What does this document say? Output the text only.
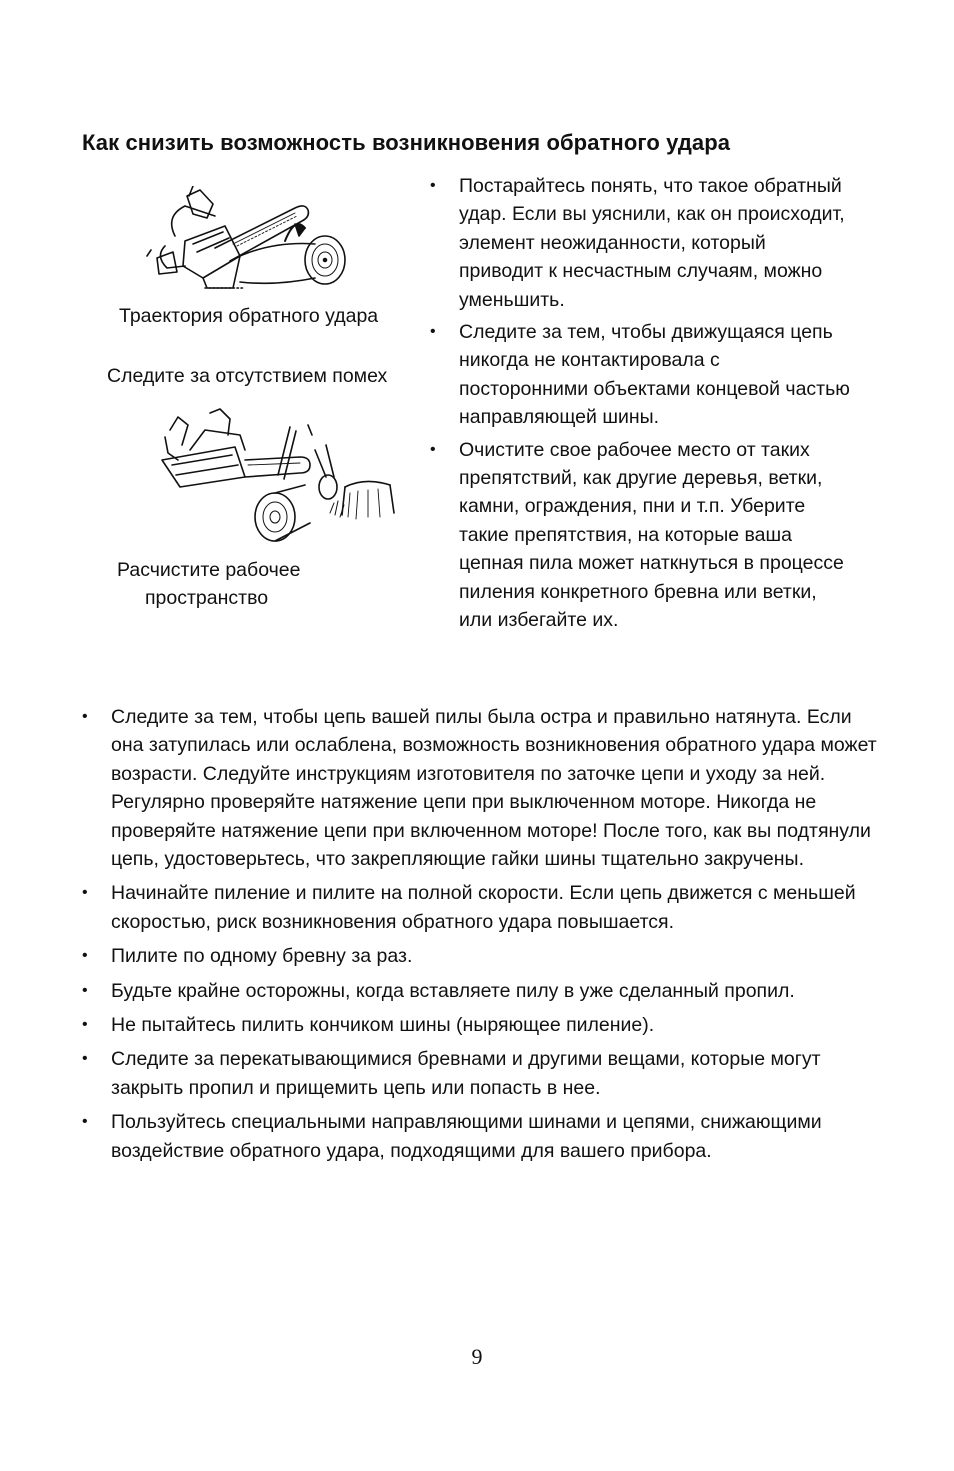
Как снизить возможность возникновения обратного удара
Траектория обратного удара
Следите за отсутствием помех
Расчистите рабочее
пространство
• Постарайтесь понять, что такое обратный удар. Если вы уяснили, как он происходит, элемент неожиданности, который приводит к несчастным случаям, можно уменьшить.
• Следите за тем, чтобы движущаяся цепь никогда не контактировала с посторонними объектами концевой частью направляющей шины.
• Очистите свое рабочее место от таких препятствий, как другие деревья, ветки, камни, ограждения, пни и т.п. Уберите такие препятствия, на которые ваша цепная пила может наткнуться в процессе пиления конкретного бревна или ветки, или избегайте их.
• Следите за тем, чтобы цепь вашей пилы была остра и правильно натянута. Если она затупилась или ослаблена, возможность возникновения обратного удара может возрасти. Следуйте инструкциям изготовителя по заточке цепи и уходу за ней. Регулярно проверяйте натяжение цепи при выключенном моторе. Никогда не проверяйте натяжение цепи при включенном моторе! После того, как вы подтянули цепь, удостоверьтесь, что закрепляющие гайки шины тщательно закручены.
• Начинайте пиление и пилите на полной скорости. Если цепь движется с меньшей скоростью, риск возникновения обратного удара повышается.
• Пилите по одному бревну за раз.
• Будьте крайне осторожны, когда вставляете пилу в уже сделанный пропил.
• Не пытайтесь пилить кончиком шины (ныряющее пиление).
• Следите за перекатывающимися бревнами и другими вещами, которые могут закрыть пропил и прищемить цепь или попасть в нее.
• Пользуйтесь специальными направляющими шинами и цепями, снижающими воздействие обратного удара, подходящими для вашего прибора.
9
